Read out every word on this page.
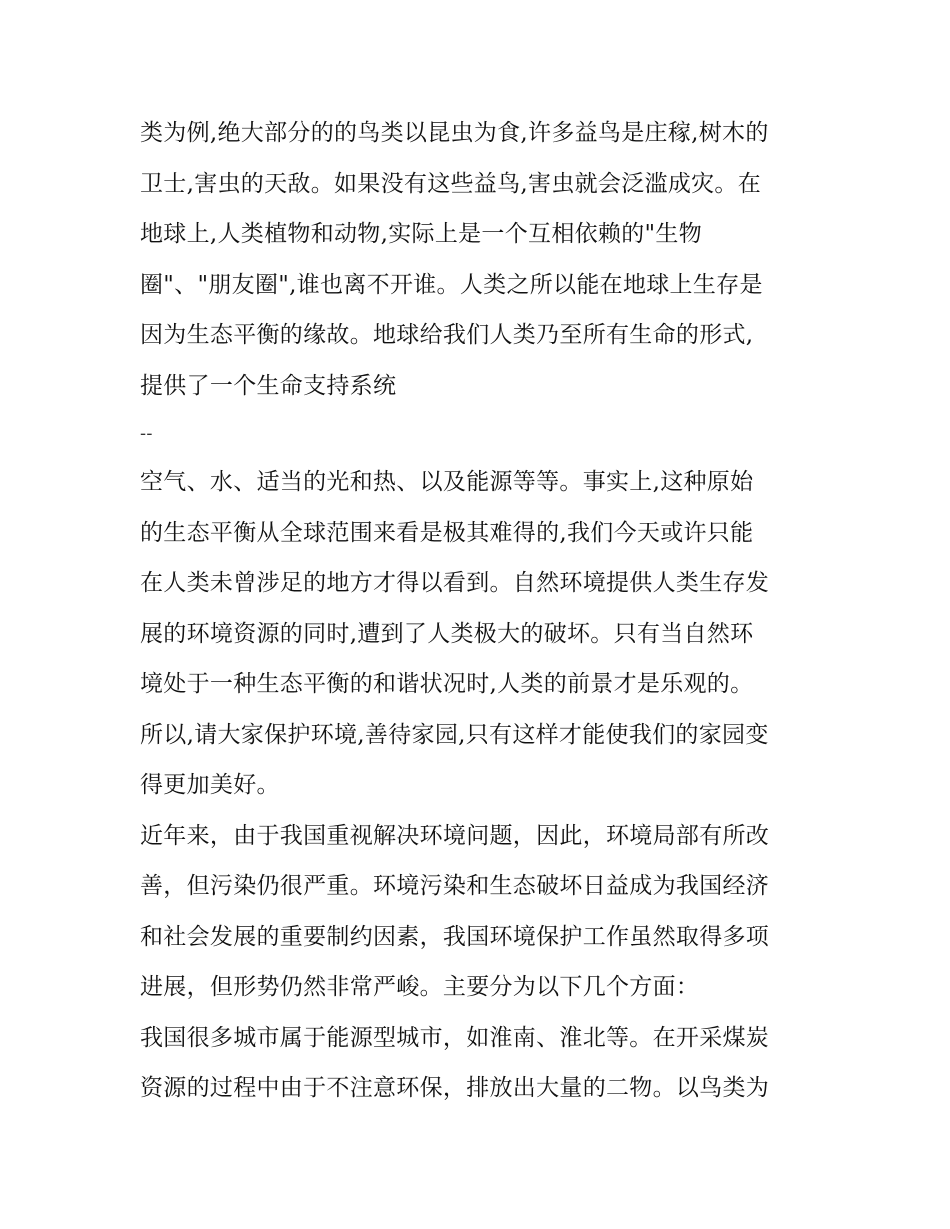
类为例,绝大部分的的鸟类以昆虫为食,许多益鸟是庄稼,树木的
卫士,害虫的天敌。如果没有这些益鸟,害虫就会泛滥成灾。在
地球上,人类植物和动物,实际上是一个互相依赖的"生物
圈"、"朋友圈",谁也离不开谁。人类之所以能在地球上生存是
因为生态平衡的缘故。地球给我们人类乃至所有生命的形式,
提供了一个生命支持系统
--
空气、水、适当的光和热、以及能源等等。事实上,这种原始
的生态平衡从全球范围来看是极其难得的,我们今天或许只能
在人类未曾涉足的地方才得以看到。自然环境提供人类生存发
展的环境资源的同时,遭到了人类极大的破坏。只有当自然环
境处于一种生态平衡的和谐状况时,人类的前景才是乐观的。
所以,请大家保护环境,善待家园,只有这样才能使我们的家园变
得更加美好。
近年来，由于我国重视解决环境问题，因此，环境局部有所改
善，但污染仍很严重。环境污染和生态破坏日益成为我国经济
和社会发展的重要制约因素，我国环境保护工作虽然取得多项
进展，但形势仍然非常严峻。主要分为以下几个方面：
我国很多城市属于能源型城市，如淮南、淮北等。在开采煤炭
资源的过程中由于不注意环保，排放出大量的二物。以鸟类为
